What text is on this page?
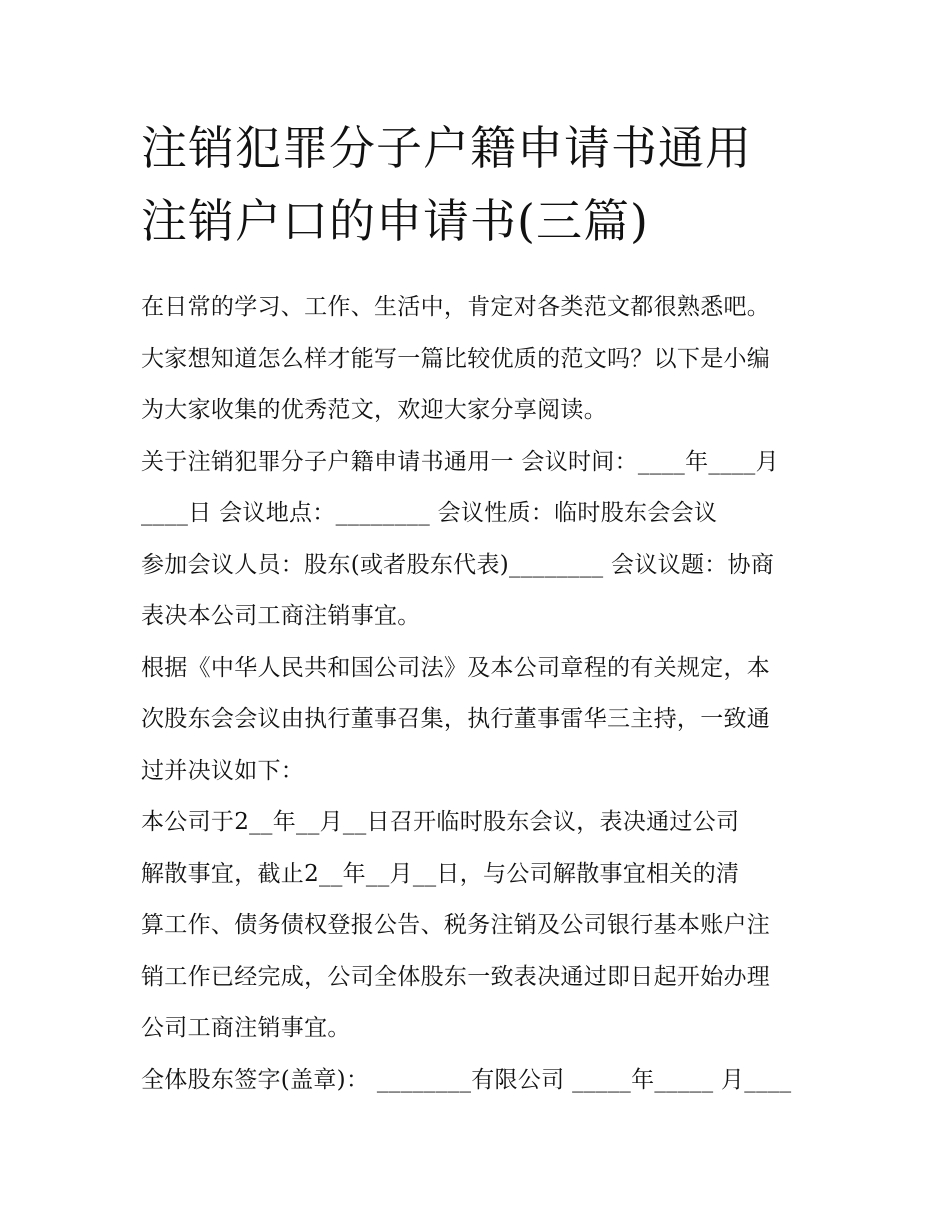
注销犯罪分子户籍申请书通用
注销户口的申请书(三篇)
在日常的学习、工作、生活中，肯定对各类范文都很熟悉吧。
大家想知道怎么样才能写一篇比较优质的范文吗？以下是小编
为大家收集的优秀范文，欢迎大家分享阅读。
关于注销犯罪分子户籍申请书通用一 会议时间：____年____月
____日 会议地点：________ 会议性质：临时股东会会议
参加会议人员：股东(或者股东代表)________ 会议议题：协商
表决本公司工商注销事宜。
根据《中华人民共和国公司法》及本公司章程的有关规定，本
次股东会会议由执行董事召集，执行董事雷华三主持，一致通
过并决议如下：
本公司于2__年__月__日召开临时股东会议，表决通过公司
解散事宜，截止2__年__月__日，与公司解散事宜相关的清
算工作、债务债权登报公告、税务注销及公司银行基本账户注
销工作已经完成，公司全体股东一致表决通过即日起开始办理
公司工商注销事宜。
全体股东签字(盖章)： ________有限公司 _____年_____ 月____
